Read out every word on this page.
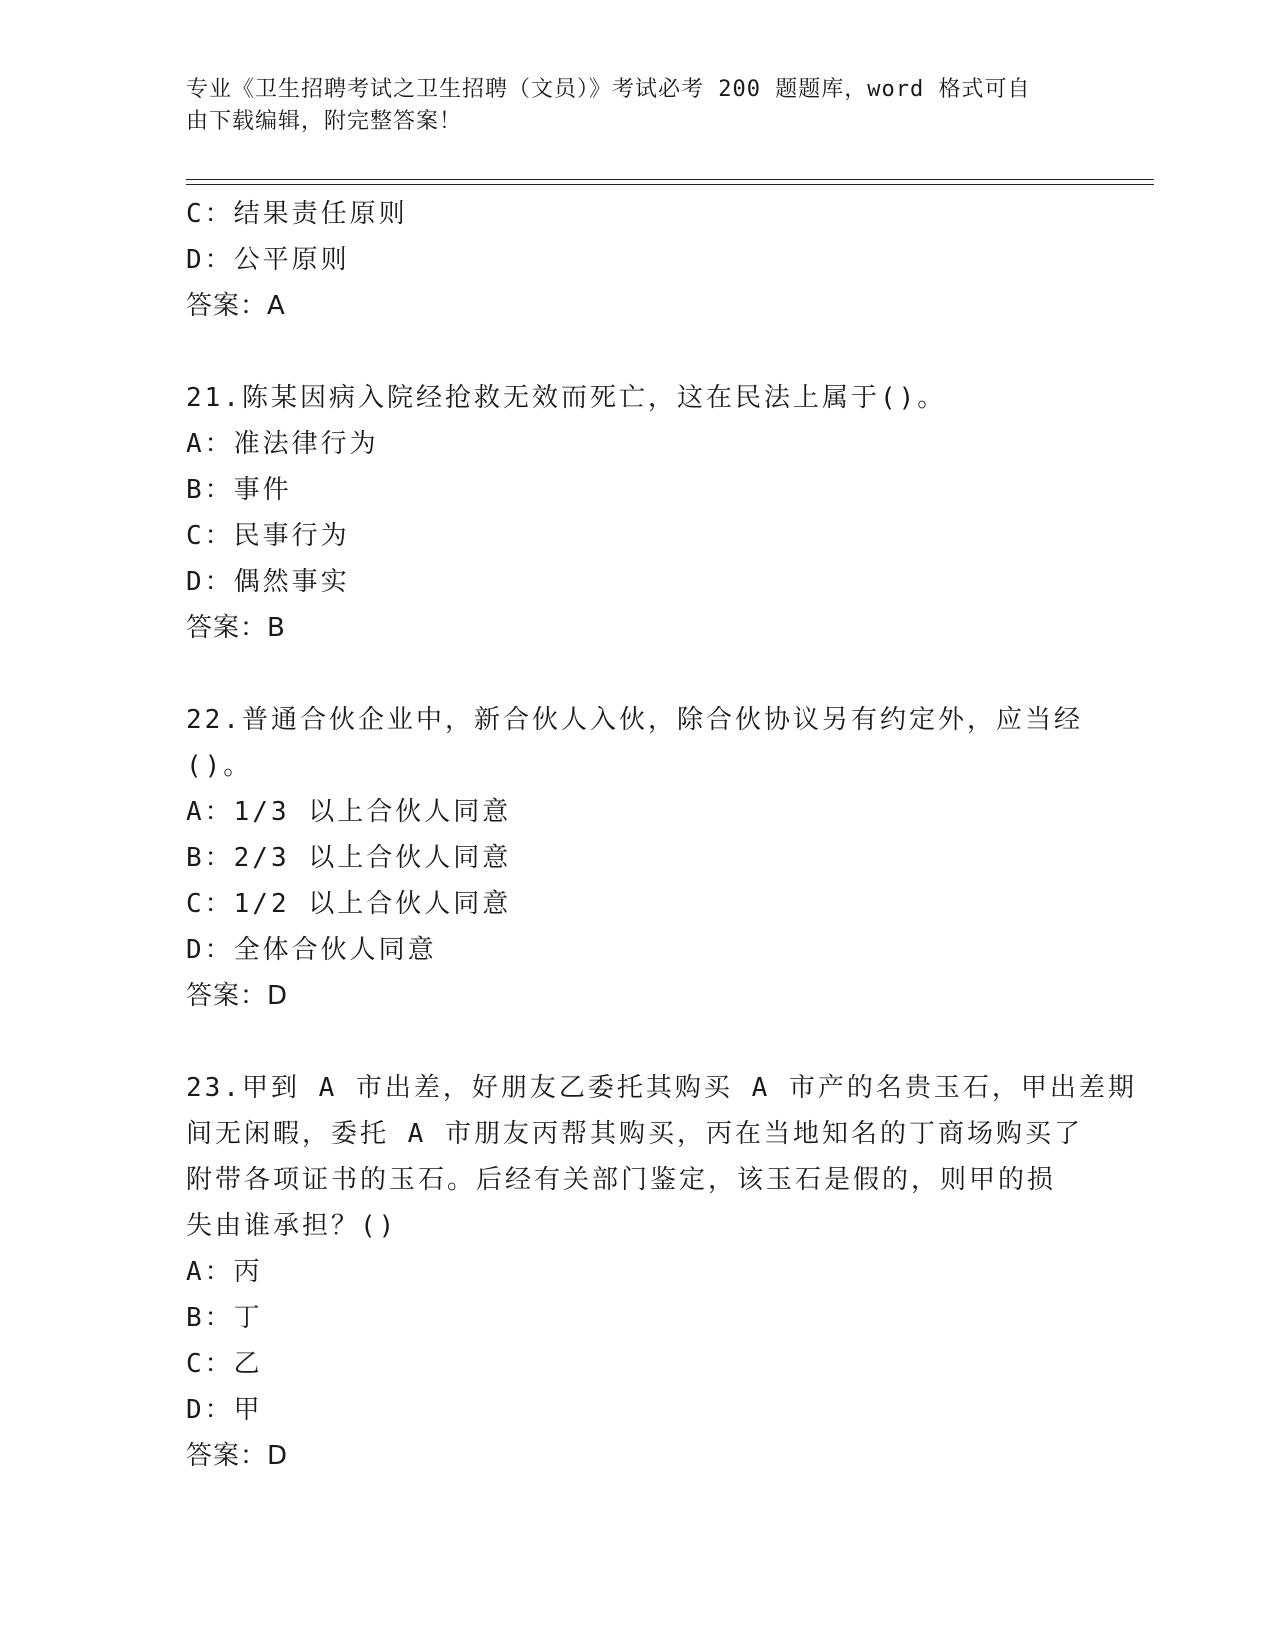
专业《卫生招聘考试之卫生招聘（文员）》考试必考 200 题题库，word 格式可自
由下载编辑，附完整答案！
C：结果责任原则
D：公平原则
答案：A
21.陈某因病入院经抢救无效而死亡，这在民法上属于()。
A：准法律行为
B：事件
C：民事行为
D：偶然事实
答案：B
22.普通合伙企业中，新合伙人入伙，除合伙协议另有约定外，应当经
()。
A：1/3 以上合伙人同意
B：2/3 以上合伙人同意
C：1/2 以上合伙人同意
D：全体合伙人同意
答案：D
23.甲到 A 市出差，好朋友乙委托其购买 A 市产的名贵玉石，甲出差期
间无闲暇，委托 A 市朋友丙帮其购买，丙在当地知名的丁商场购买了
附带各项证书的玉石。后经有关部门鉴定，该玉石是假的，则甲的损
失由谁承担？()
A：丙
B：丁
C：乙
D：甲
答案：D
